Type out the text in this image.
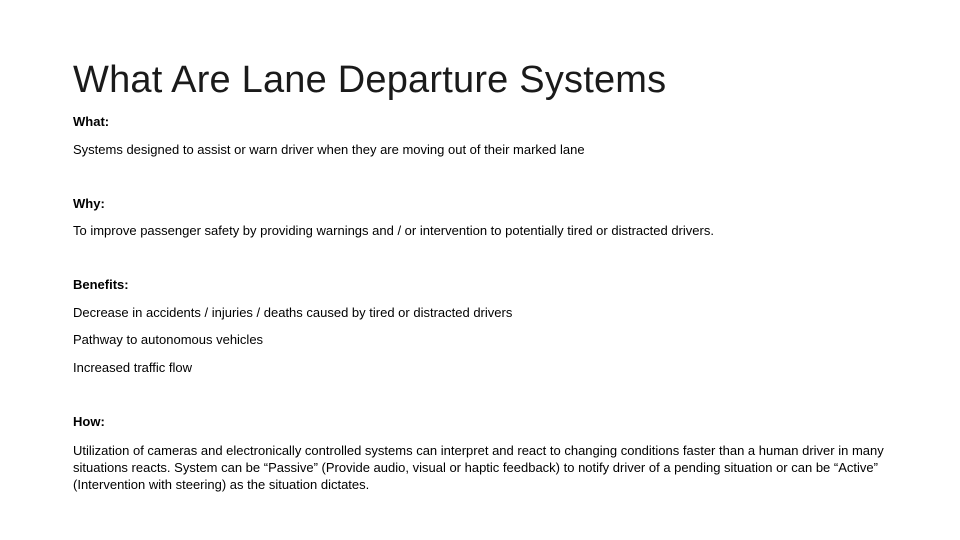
What Are Lane Departure Systems
What:
Systems designed to assist or warn driver when they are moving out of their marked lane
Why:
To improve passenger safety by providing warnings and / or intervention to potentially tired or distracted drivers.
Benefits:
Decrease in accidents / injuries / deaths caused by tired or distracted drivers
Pathway to autonomous vehicles
Increased traffic flow
How:
Utilization of cameras and electronically controlled systems can interpret and react to changing conditions faster than a human driver in many situations reacts. System can be “Passive” (Provide audio, visual or haptic feedback) to notify driver of a pending situation or can be “Active” (Intervention with steering) as the situation dictates.
